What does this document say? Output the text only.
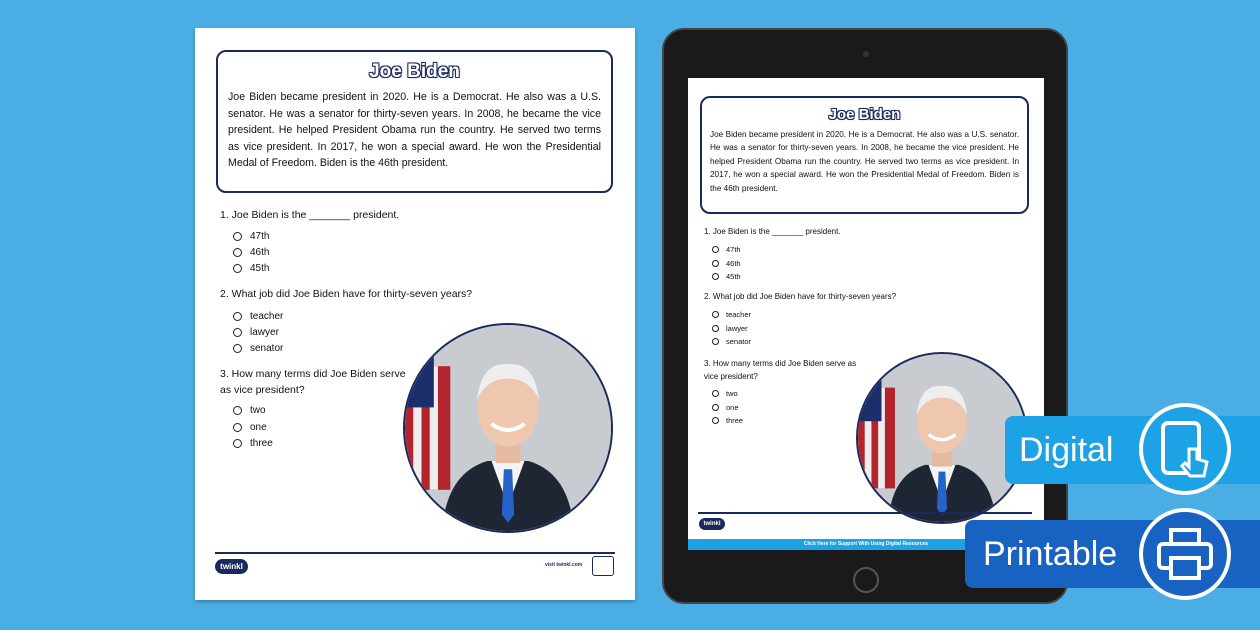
Joe Biden
Joe Biden became president in 2020. He is a Democrat. He also was a U.S. senator. He was a senator for thirty-seven years. In 2008, he became the vice president. He helped President Obama run the country. He served two terms as vice president. In 2017, he won a special award. He won the Presidential Medal of Freedom. Biden is the 46th president.
1. Joe Biden is the _______ president.
47th
46th
45th
2. What job did Joe Biden have for thirty-seven years?
teacher
lawyer
senator
3. How many terms did Joe Biden serve as vice president?
two
one
three
twinkl	visit twinkl.com
Joe Biden
Joe Biden became president in 2020. He is a Democrat. He also was a U.S. senator. He was a senator for thirty-seven years. In 2008, he became the vice president. He helped President Obama run the country. He served two terms as vice president. In 2017, he won a special award. He won the Presidential Medal of Freedom. Biden is the 46th president.
1. Joe Biden is the _______ president.
47th
46th
45th
2. What job did Joe Biden have for thirty-seven years?
teacher
lawyer
senator
3. How many terms did Joe Biden serve as vice president?
two
one
three
twinkl
Click Here for Support With Using Digital Resources
Digital
Printable
